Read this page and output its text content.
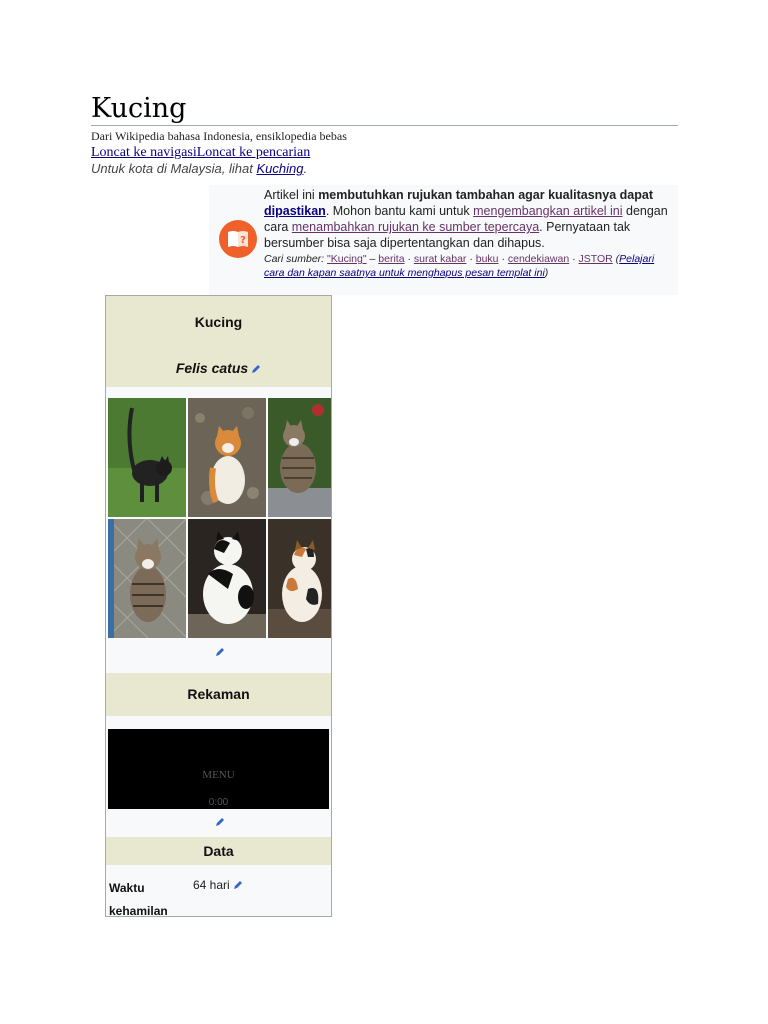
Kucing
Dari Wikipedia bahasa Indonesia, ensiklopedia bebas
Loncat ke navigasiLoncat ke pencarian
Untuk kota di Malaysia, lihat Kuching.
?
Artikel ini membutuhkan rujukan tambahan agar kualitasnya dapat dipastikan. Mohon bantu kami untuk mengembangkan artikel ini dengan cara menambahkan rujukan ke sumber tepercaya. Pernyataan tak bersumber bisa saja dipertentangkan dan dihapus.
Cari sumber: "Kucing" – berita · surat kabar · buku · cendekiawan · JSTOR (Pelajari cara dan kapan saatnya untuk menghapus pesan templat ini)
Kucing
Felis catus
Rekaman
MENU
0:00
Data
Waktu kehamilan
64 hari
